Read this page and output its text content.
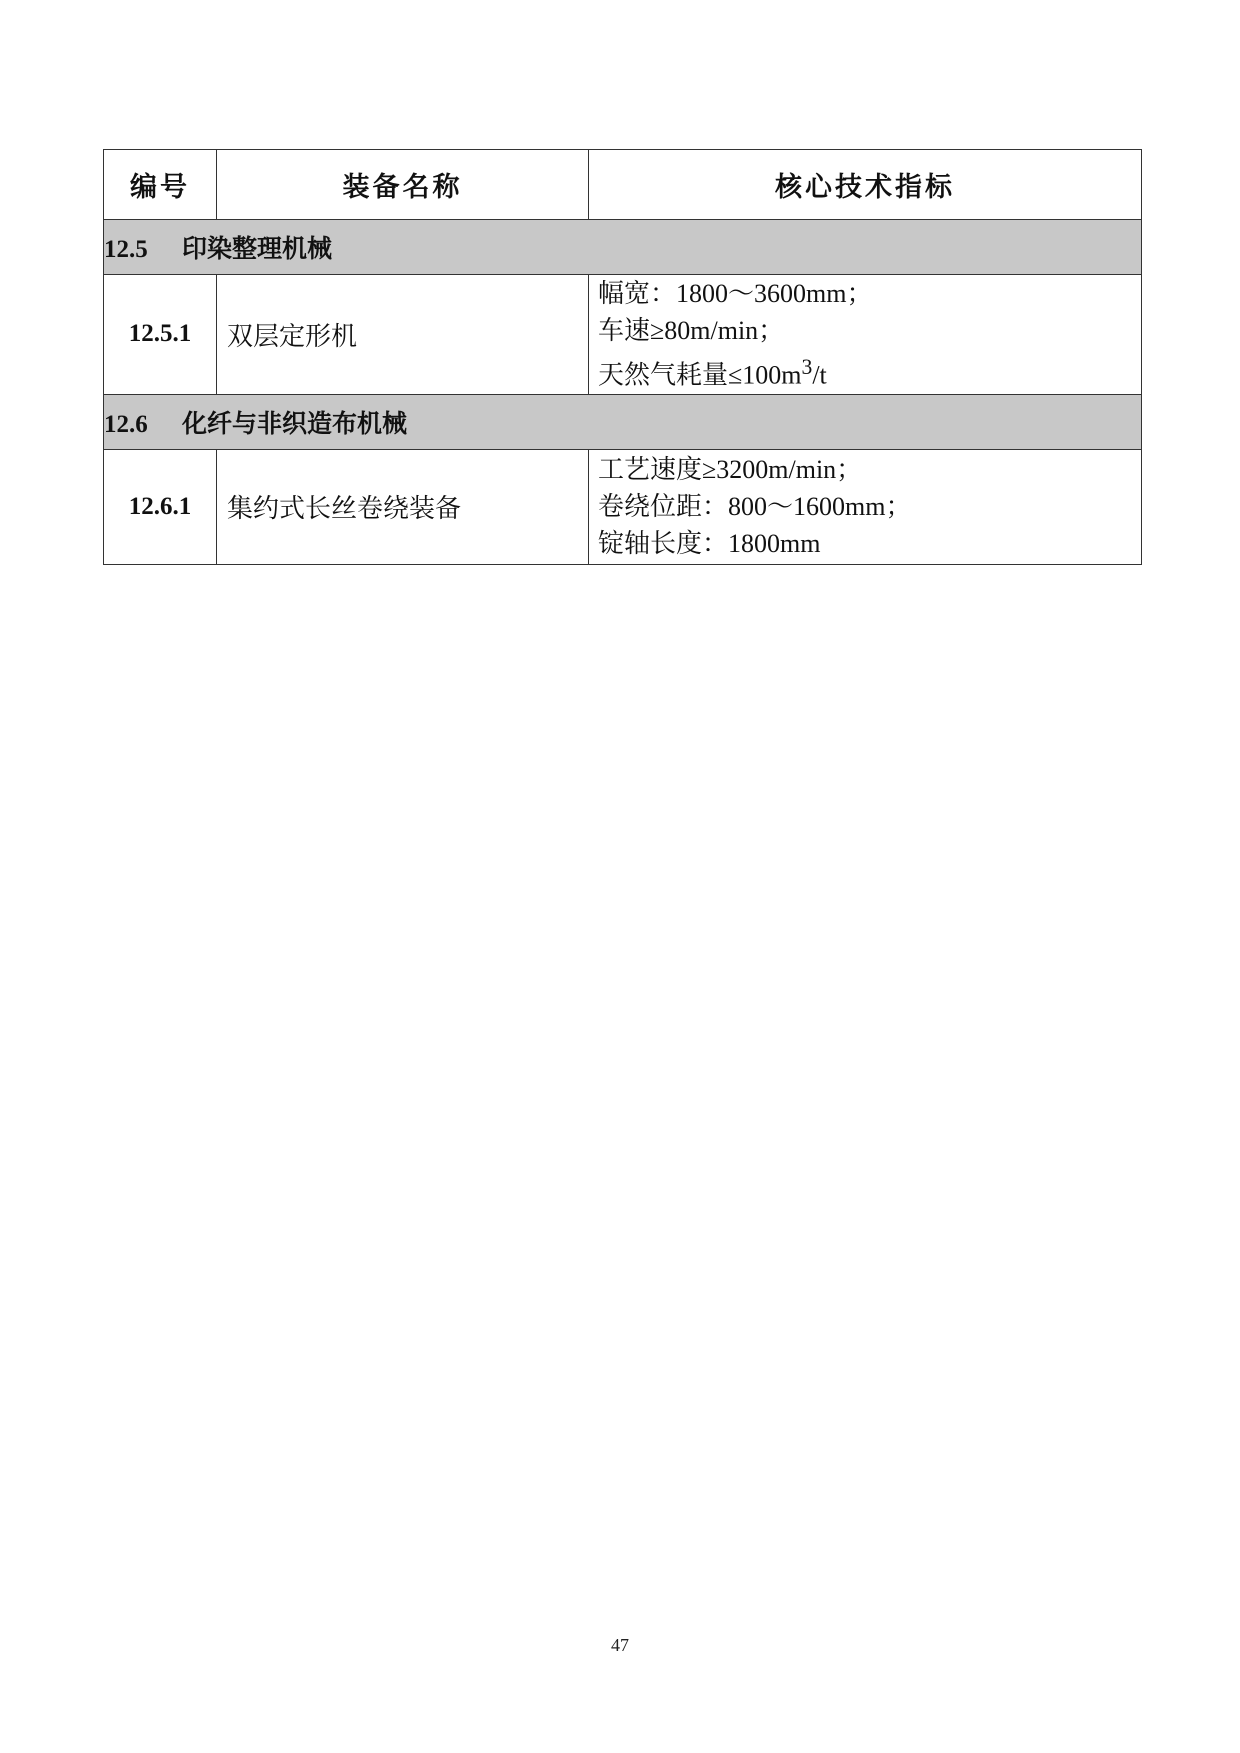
编号	装备名称	核心技术指标
12.5 印染整理机械		
12.5.1	双层定形机	幅宽：1800～3600mm；
车速≥80m/min；
天然气耗量$\le 100m^3/t$

12.6 化纤与非织造布机械		
12.6.1	集约式长丝卷绕装备	工艺速度≥3200m/min；
卷绕位距：800～1600mm；
锭轴长度：1800mm
47
